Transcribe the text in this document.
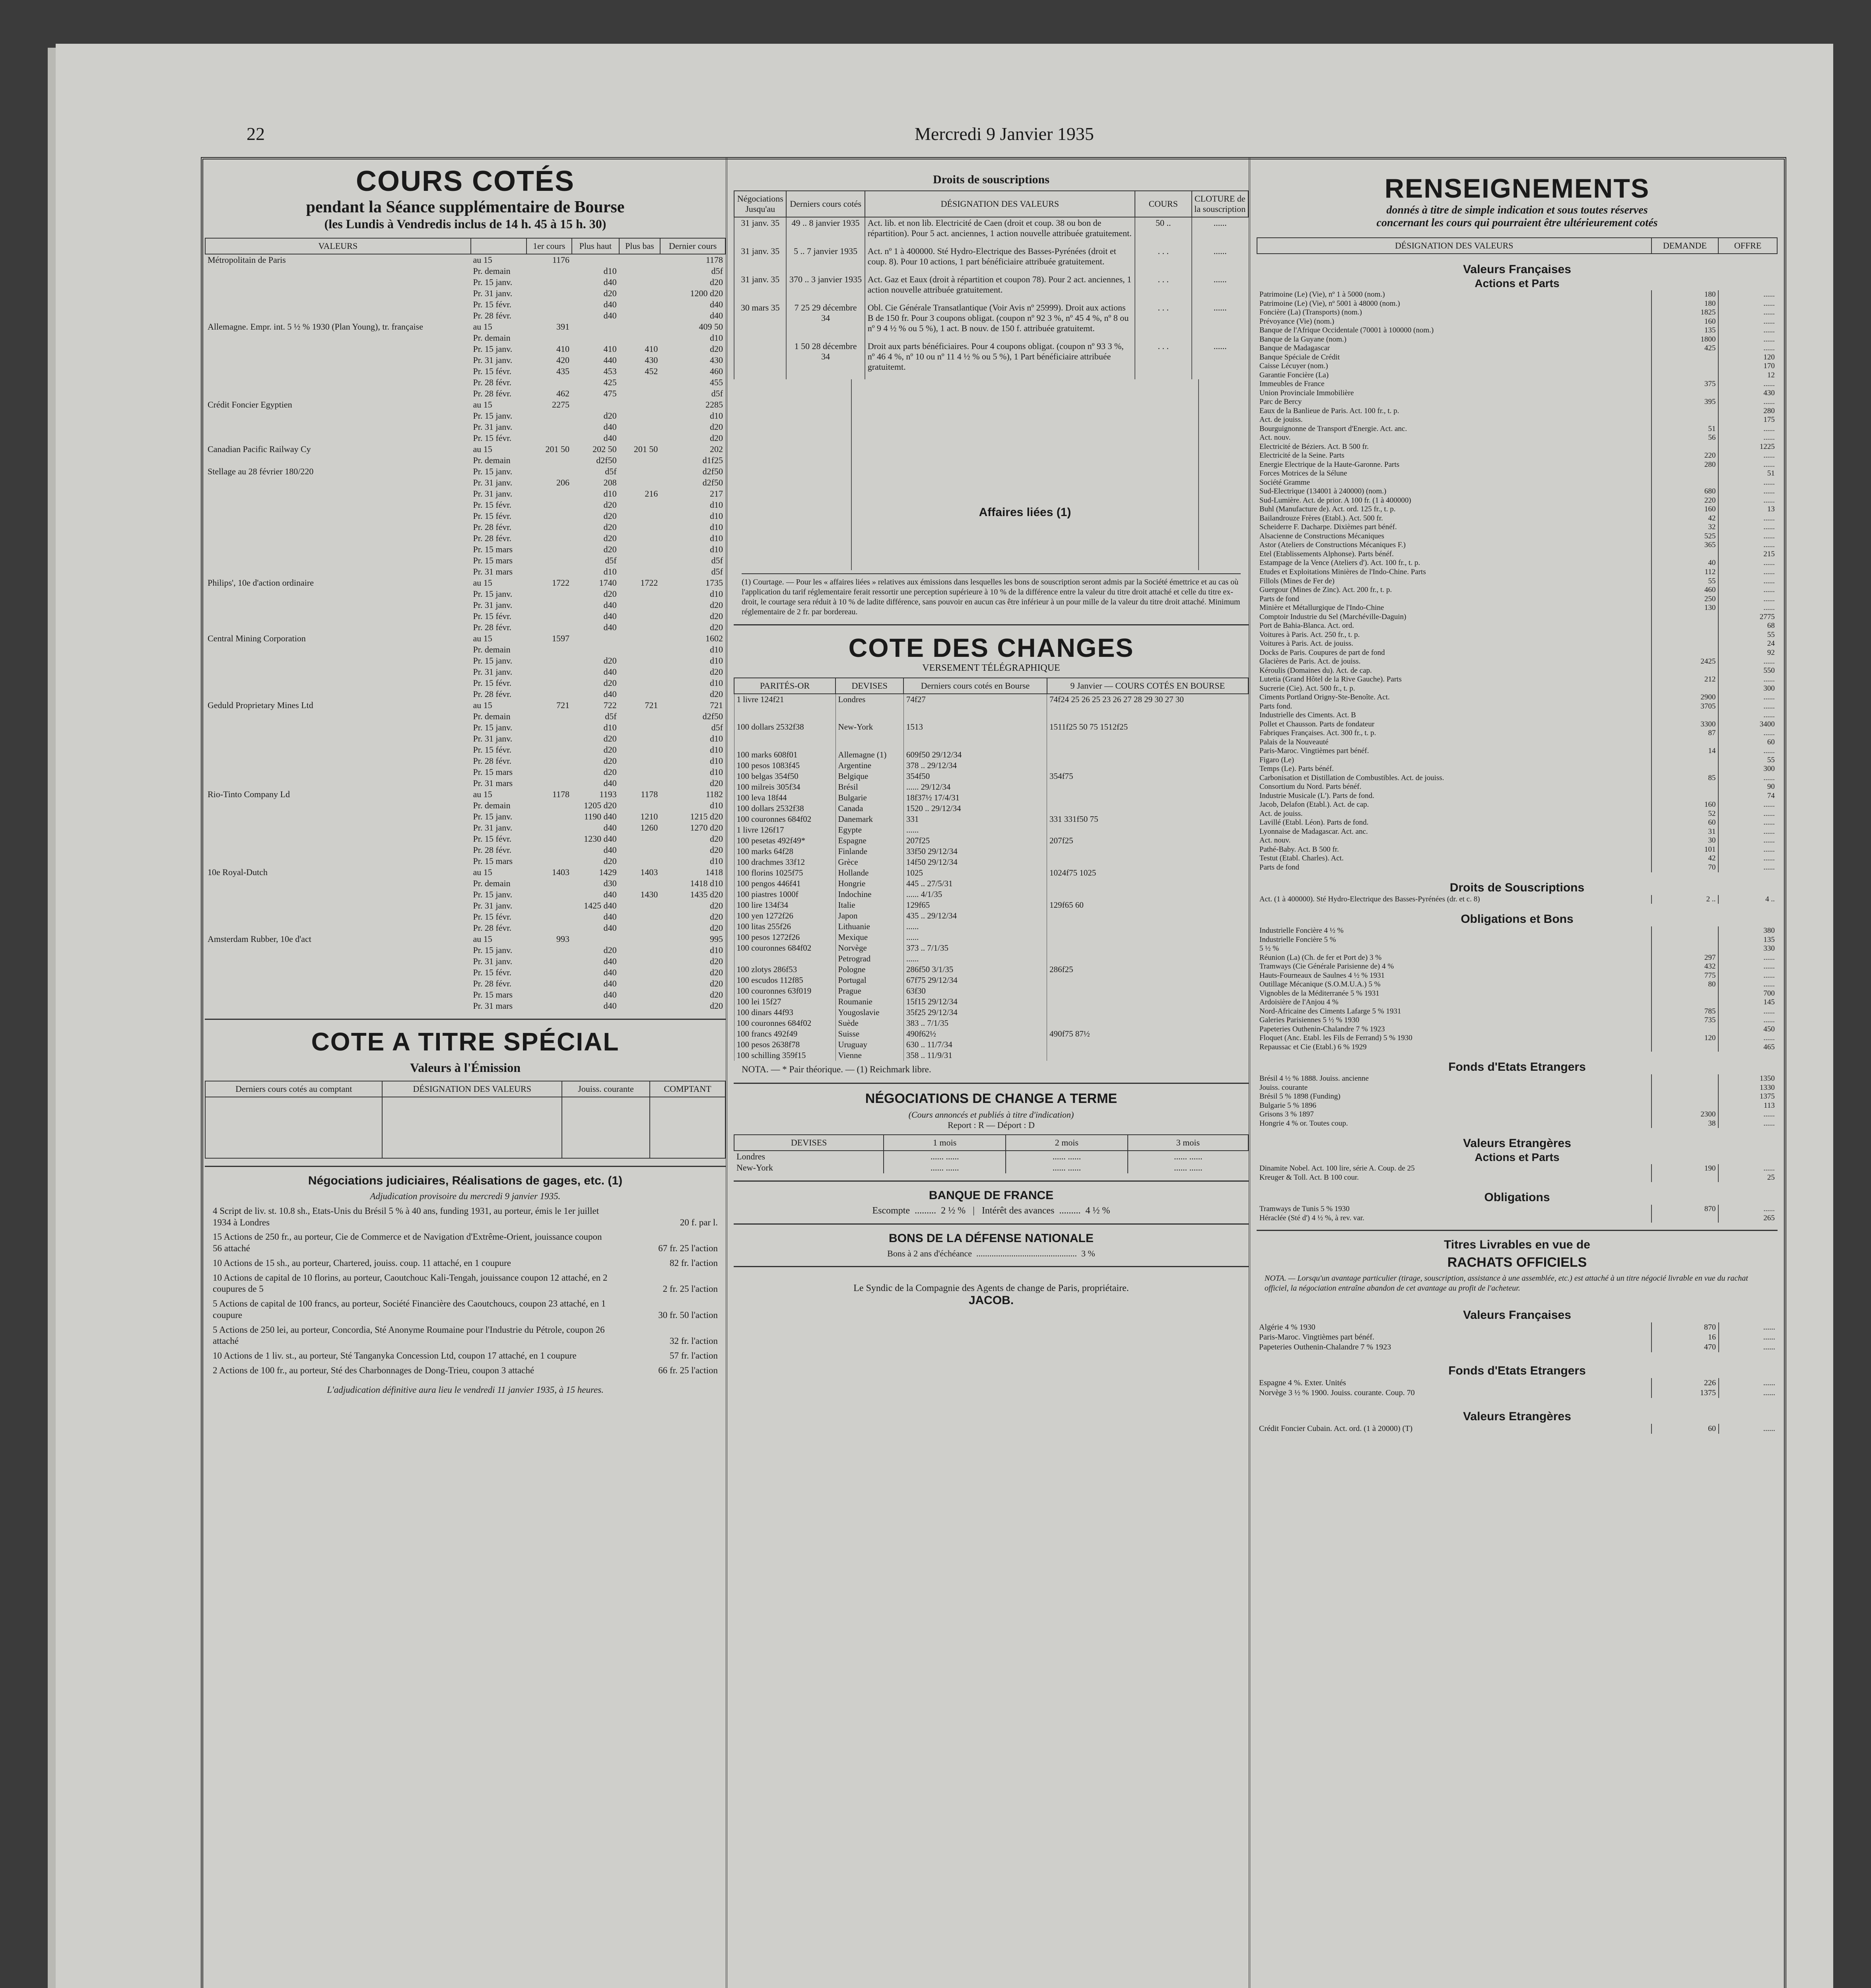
22	Mercredi 9 Janvier 1935
COURS COTÉS
pendant la Séance supplémentaire de Bourse
(les Lundis à Vendredis inclus de 14 h. 45 à 15 h. 30)
VALEURS		1er cours	Plus haut	Plus bas	Dernier cours
Métropolitain de Paris	au 15	1176			1178
	Pr. demain		d10		d5f
	Pr. 15 janv.		d40		d20
	Pr. 31 janv.		d20		1200 d20
	Pr. 15 févr.		d40		d40
	Pr. 28 févr.		d40		d40
Allemagne. Empr. int. 5 ½ % 1930 (Plan Young), tr. française	au 15	391			409 50
	Pr. demain				d10
	Pr. 15 janv.	410	410	410	d20
	Pr. 31 janv.	420	440	430	430
	Pr. 15 févr.	435	453	452	460
	Pr. 28 févr.		425		455
	Pr. 28 févr.	462	475		d5f
Crédit Foncier Egyptien	au 15	2275			2285
	Pr. 15 janv.		d20		d10
	Pr. 31 janv.		d40		d20
	Pr. 15 févr.		d40		d20
Canadian Pacific Railway Cy	au 15	201 50	202 50	201 50	202
	Pr. demain		d2f50		d1f25
Stellage au 28 février 180/220	Pr. 15 janv.		d5f		d2f50
	Pr. 31 janv.	206	208		d2f50
	Pr. 31 janv.		d10	216	217
	Pr. 15 févr.		d20		d10
	Pr. 15 févr.		d20		d10
	Pr. 28 févr.		d20		d10
	Pr. 28 févr.		d20		d10
	Pr. 15 mars		d20		d10
	Pr. 15 mars		d5f		d5f
	Pr. 31 mars		d10		d5f
Philips', 10e d'action ordinaire	au 15	1722	1740	1722	1735
	Pr. 15 janv.		d20		d10
	Pr. 31 janv.		d40		d20
	Pr. 15 févr.		d40		d20
	Pr. 28 févr.		d40		d20
Central Mining Corporation	au 15	1597			1602
	Pr. demain				d10
	Pr. 15 janv.		d20		d10
	Pr. 31 janv.		d40		d20
	Pr. 15 févr.		d20		d10
	Pr. 28 févr.		d40		d20
Geduld Proprietary Mines Ltd	au 15	721	722	721	721
	Pr. demain		d5f		d2f50
	Pr. 15 janv.		d10		d5f
	Pr. 31 janv.		d20		d10
	Pr. 15 févr.		d20		d10
	Pr. 28 févr.		d20		d10
	Pr. 15 mars		d20		d10
	Pr. 31 mars		d40		d20
Rio-Tinto Company Ld	au 15	1178	1193	1178	1182
	Pr. demain		1205 d20		d10
	Pr. 15 janv.		1190 d40	1210	1215 d20
	Pr. 31 janv.		d40	1260	1270 d20
	Pr. 15 févr.		1230 d40		d20
	Pr. 28 févr.		d40		d20
	Pr. 15 mars		d20		d10
10e Royal-Dutch	au 15	1403	1429	1403	1418
	Pr. demain		d30		1418 d10
	Pr. 15 janv.		d40	1430	1435 d20
	Pr. 31 janv.		1425 d40		d20
	Pr. 15 févr.		d40		d20
	Pr. 28 févr.		d40		d20
Amsterdam Rubber, 10e d'act	au 15	993			995
	Pr. 15 janv.		d20		d10
	Pr. 31 janv.		d40		d20
	Pr. 15 févr.		d40		d20
	Pr. 28 févr.		d40		d20
	Pr. 15 mars		d40		d20
	Pr. 31 mars		d40		d20
COTE A TITRE SPÉCIAL
Valeurs à l'Émission
Derniers cours cotés au comptant	DÉSIGNATION DES VALEURS	Jouiss. courante	COMPTANT

Négociations judiciaires, Réalisations de gages, etc. (1)
Adjudication provisoire du mercredi 9 janvier 1935.
4 Script de liv. st. 10.8 sh., Etats-Unis du Brésil 5 % à 40 ans, funding 1931, au porteur, émis le 1er juillet 1934 à Londres	20 f. par l.
15 Actions de 250 fr., au porteur, Cie de Commerce et de Navigation d'Extrême-Orient, jouissance coupon 56 attaché	67 fr. 25 l'action
10 Actions de 15 sh., au porteur, Chartered, jouiss. coup. 11 attaché, en 1 coupure	82 fr. l'action
10 Actions de capital de 10 florins, au porteur, Caoutchouc Kali-Tengah, jouissance coupon 12 attaché, en 2 coupures de 5	2 fr. 25 l'action
5 Actions de capital de 100 francs, au porteur, Société Financière des Caoutchoucs, coupon 23 attaché, en 1 coupure	30 fr. 50 l'action
5 Actions de 250 lei, au porteur, Concordia, Sté Anonyme Roumaine pour l'Industrie du Pétrole, coupon 26 attaché	32 fr. l'action
10 Actions de 1 liv. st., au porteur, Sté Tanganyka Concession Ltd, coupon 17 attaché, en 1 coupure	57 fr. l'action
2 Actions de 100 fr., au porteur, Sté des Charbonnages de Dong-Trieu, coupon 3 attaché	66 fr. 25 l'action
L'adjudication définitive aura lieu le vendredi 11 janvier 1935, à 15 heures.
Droits de souscriptions
Négociations Jusqu'au	Derniers cours cotés	DÉSIGNATION DES VALEURS	COURS	CLOTURE de la souscription
31 janv. 35	49 .. 8 janvier 1935	Act. lib. et non lib. Electricité de Caen (droit et coup. 38 ou bon de répartition). Pour 5 act. anciennes, 1 action nouvelle attribuée gratuitement.	50 ..	......
31 janv. 35	5 .. 7 janvier 1935	Act. nº 1 à 400000. Sté Hydro-Electrique des Basses-Pyrénées (droit et coup. 8). Pour 10 actions, 1 part bénéficiaire attribuée gratuitement.	. . .	......
31 janv. 35	370 .. 3 janvier 1935	Act. Gaz et Eaux (droit à répartition et coupon 78). Pour 2 act. anciennes, 1 action nouvelle attribuée gratuitement.	. . .	......
30 mars 35	7 25 29 décembre 34	Obl. Cie Générale Transatlantique (Voir Avis nº 25999). Droit aux actions B de 150 fr. Pour 3 coupons obligat. (coupon nº 92 3 %, nº 45 4 %, nº 8 ou nº 9 4 ½ % ou 5 %), 1 act. B nouv. de 150 f. attribuée gratuitemt.	. . .	......
	1 50 28 décembre 34	Droit aux parts bénéficiaires. Pour 4 coupons obligat. (coupon nº 93 3 %, nº 46 4 %, nº 10 ou nº 11 4 ½ % ou 5 %), 1 Part bénéficiaire attribuée gratuitemt.	. . .	......
Affaires liées (1)
(1) Courtage. — Pour les « affaires liées » relatives aux émissions dans lesquelles les bons de souscription seront admis par la Société émettrice et au cas où l'application du tarif réglementaire ferait ressortir une perception supérieure à 10 % de la différence entre la valeur du titre droit attaché et celle du titre ex-droit, le courtage sera réduit à 10 % de ladite différence, sans pouvoir en aucun cas être inférieur à un pour mille de la valeur du titre droit attaché. Minimum réglementaire de 2 fr. par bordereau.
COTE DES CHANGES
VERSEMENT TÉLÉGRAPHIQUE
PARITÉS-OR	DEVISES	Derniers cours cotés en Bourse	9 Janvier — COURS COTÉS EN BOURSE
1 livre 124f21	Londres	74f27	74f24 25 26 25 23 26 27 28 29 30 27 30
100 dollars 2532f38	New-York	1513	1511f25 50 75 1512f25
100 marks 608f01	Allemagne (1)	609f50 29/12/34	
100 pesos 1083f45	Argentine	378 .. 29/12/34	
100 belgas 354f50	Belgique	354f50	354f75
100 milreis 305f34	Brésil	...... 29/12/34	
100 leva 18f44	Bulgarie	18f37½ 17/4/31	
100 dollars 2532f38	Canada	1520 .. 29/12/34	
100 couronnes 684f02	Danemark	331	331 331f50 75
1 livre 126f17	Egypte	......	
100 pesetas 492f49*	Espagne	207f25	207f25
100 marks 64f28	Finlande	33f50 29/12/34	
100 drachmes 33f12	Grèce	14f50 29/12/34	
100 florins 1025f75	Hollande	1025	1024f75 1025
100 pengos 446f41	Hongrie	445 .. 27/5/31	
100 piastres 1000f	Indochine	...... 4/1/35	
100 lire 134f34	Italie	129f65	129f65 60
100 yen 1272f26	Japon	435 .. 29/12/34	
100 litas 255f26	Lithuanie	......	
100 pesos 1272f26	Mexique	......	
100 couronnes 684f02	Norvège	373 .. 7/1/35	
	Petrograd	......	
100 zlotys 286f53	Pologne	286f50 3/1/35	286f25
100 escudos 112f85	Portugal	67f75 29/12/34	
100 couronnes 63f019	Prague	63f30	
100 lei 15f27	Roumanie	15f15 29/12/34	
100 dinars 44f93	Yougoslavie	35f25 29/12/34	
100 couronnes 684f02	Suède	383 .. 7/1/35	
100 francs 492f49	Suisse	490f62½	490f75 87½
100 pesos 2638f78	Uruguay	630 .. 11/7/34	
100 schilling 359f15	Vienne	358 .. 11/9/31	
NOTA. — * Pair théorique. — (1) Reichmark libre.
NÉGOCIATIONS DE CHANGE A TERME
(Cours annoncés et publiés à titre d'indication)
Report : R — Déport : D
DEVISES	1 mois	2 mois	3 mois
Londres	...... ......	...... ......	...... ......
New-York	...... ......	...... ......	...... ......
BANQUE DE FRANCE
Escompte  .........  2 ½ %   |   Intérêt des avances  .........  4 ½ %
BONS DE LA DÉFENSE NATIONALE
Bons à 2 ans d'échéance  ..............................................  3 %
Le Syndic de la Compagnie des Agents de change de Paris, propriétaire.
JACOB.
RENSEIGNEMENTS
donnés à titre de simple indication et sous toutes réserves
concernant les cours qui pourraient être ultérieurement cotés
DÉSIGNATION DES VALEURS	DEMANDE	OFFRE
Valeurs Françaises		
Actions et Parts		
Patrimoine (Le) (Vie), nº 1 à 5000 (nom.)	180	......
Patrimoine (Le) (Vie), nº 5001 à 48000 (nom.)	180	......
Foncière (La) (Transports) (nom.)	1825	......
Prévoyance (Vie) (nom.)	160	......
Banque de l'Afrique Occidentale (70001 à 100000 (nom.)	135	......
Banque de la Guyane (nom.)	1800	......
Banque de Madagascar	425	......
Banque Spéciale de Crédit		120
Caisse Lécuyer (nom.)		170
Garantie Foncière (La)		12
Immeubles de France	375	......
Union Provinciale Immobilière		430
Parc de Bercy	395	......
Eaux de la Banlieue de Paris. Act. 100 fr., t. p.		280
Act. de jouiss.		175
Bourguignonne de Transport d'Energie. Act. anc.	51	......
Act. nouv.	56	......
Electricité de Béziers. Act. B 500 fr.		1225
Electricité de la Seine. Parts	220	......
Energie Electrique de la Haute-Garonne. Parts	280	......
Forces Motrices de la Sélune		51
Société Gramme		......
Sud-Electrique (134001 à 240000) (nom.)	680	......
Sud-Lumière. Act. de prior. A 100 fr. (1 à 400000)	220	......
Buhl (Manufacture de). Act. ord. 125 fr., t. p.	160	13
Bailandrouze Frères (Etabl.). Act. 500 fr.	42	......
Scheiderre F. Dacharpe. Dixièmes part bénéf.	32	......
Alsacienne de Constructions Mécaniques	525	......
Astor (Ateliers de Constructions Mécaniques F.)	365	......
Etel (Etablissements Alphonse). Parts bénéf.		215
Estampage de la Vence (Ateliers d'). Act. 100 fr., t. p.	40	......
Etudes et Exploitations Minières de l'Indo-Chine. Parts	112	......
Fillols (Mines de Fer de)	55	......
Guergour (Mines de Zinc). Act. 200 fr., t. p.	460	......
Parts de fond	250	......
Minière et Métallurgique de l'Indo-Chine	130	......
Comptoir Industrie du Sel (Marchéville-Daguin)		2775
Port de Bahia-Blanca. Act. ord.		68
Voitures à Paris. Act. 250 fr., t. p.		55
Voitures à Paris. Act. de jouiss.		24
Docks de Paris. Coupures de part de fond		92
Glacières de Paris. Act. de jouiss.	2425	......
Kéroulis (Domaines du). Act. de cap.		550
Lutetia (Grand Hôtel de la Rive Gauche). Parts	212	......
Sucrerie (Cie). Act. 500 fr., t. p.		300
Ciments Portland Origny-Ste-Benoîte. Act.	2900	......
Parts fond.	3705	......
Industrielle des Ciments. Act. B		......
Pollet et Chausson. Parts de fondateur	3300	3400
Fabriques Françaises. Act. 300 fr., t. p.	87	......
Palais de la Nouveauté		60
Paris-Maroc. Vingtièmes part bénéf.	14	......
Figaro (Le)		55
Temps (Le). Parts bénéf.		300
Carbonisation et Distillation de Combustibles. Act. de jouiss.	85	......
Consortium du Nord. Parts bénéf.		90
Industrie Musicale (L'). Parts de fond.		74
Jacob, Delafon (Etabl.). Act. de cap.	160	......
Act. de jouiss.	52	......
Lavillé (Etabl. Léon). Parts de fond.	60	......
Lyonnaise de Madagascar. Act. anc.	31	......
Act. nouv.	30	......
Pathé-Baby. Act. B 500 fr.	101	......
Testut (Etabl. Charles). Act.	42	......
Parts de fond	70	......
Droits de Souscriptions		
Act. (1 à 400000). Sté Hydro-Electrique des Basses-Pyrénées (dr. et c. 8)	2 ..	4 ..
Obligations et Bons		
Industrielle Foncière 4 ½ %		380
Industrielle Foncière 5 %		135
5 ½ %		330
Réunion (La) (Ch. de fer et Port de) 3 %	297	......
Tramways (Cie Générale Parisienne de) 4 %	432	......
Hauts-Fourneaux de Saulnes 4 ½ % 1931	775	......
Outillage Mécanique (S.O.M.U.A.) 5 %	80	......
Vignobles de la Méditerranée 5 % 1931		700
Ardoisière de l'Anjou 4 %		145
Nord-Africaine des Ciments Lafarge 5 % 1931	785	......
Galeries Parisiennes 5 ½ % 1930	735	......
Papeteries Outhenin-Chalandre 7 % 1923		450
Floquet (Anc. Etabl. les Fils de Ferrand) 5 % 1930	120	......
Repaussac et Cie (Etabl.) 6 % 1929		465
Fonds d'Etats Etrangers		
Brésil 4 ½ % 1888. Jouiss. ancienne		1350
Jouiss. courante		1330
Brésil 5 % 1898 (Funding)		1375
Bulgarie 5 % 1896		113
Grisons 3 % 1897	2300	......
Hongrie 4 % or. Toutes coup.	38	......
Valeurs Etrangères		
Actions et Parts		
Dinamite Nobel. Act. 100 lire, série A. Coup. de 25	190	......
Kreuger & Toll. Act. B 100 cour.		25
Obligations		
Tramways de Tunis 5 % 1930	870	......
Héraclée (Sté d') 4 ½ %, à rev. var.		265
Titres Livrables en vue de
RACHATS OFFICIELS
NOTA. — Lorsqu'un avantage particulier (tirage, souscription, assistance à une assemblée, etc.) est attaché à un titre négocié livrable en vue du rachat officiel, la négociation entraîne abandon de cet avantage au profit de l'acheteur.
Valeurs Françaises		
Algérie 4 % 1930	870	......
Paris-Maroc. Vingtièmes part bénéf.	16	......
Papeteries Outhenin-Chalandre 7 % 1923	470	......
Fonds d'Etats Etrangers		
Espagne 4 %. Exter. Unités	226	......
Norvège 3 ½ % 1900. Jouiss. courante. Coup. 70	1375	......
Valeurs Etrangères		
Crédit Foncier Cubain. Act. ord. (1 à 20000) (T)	60	......
